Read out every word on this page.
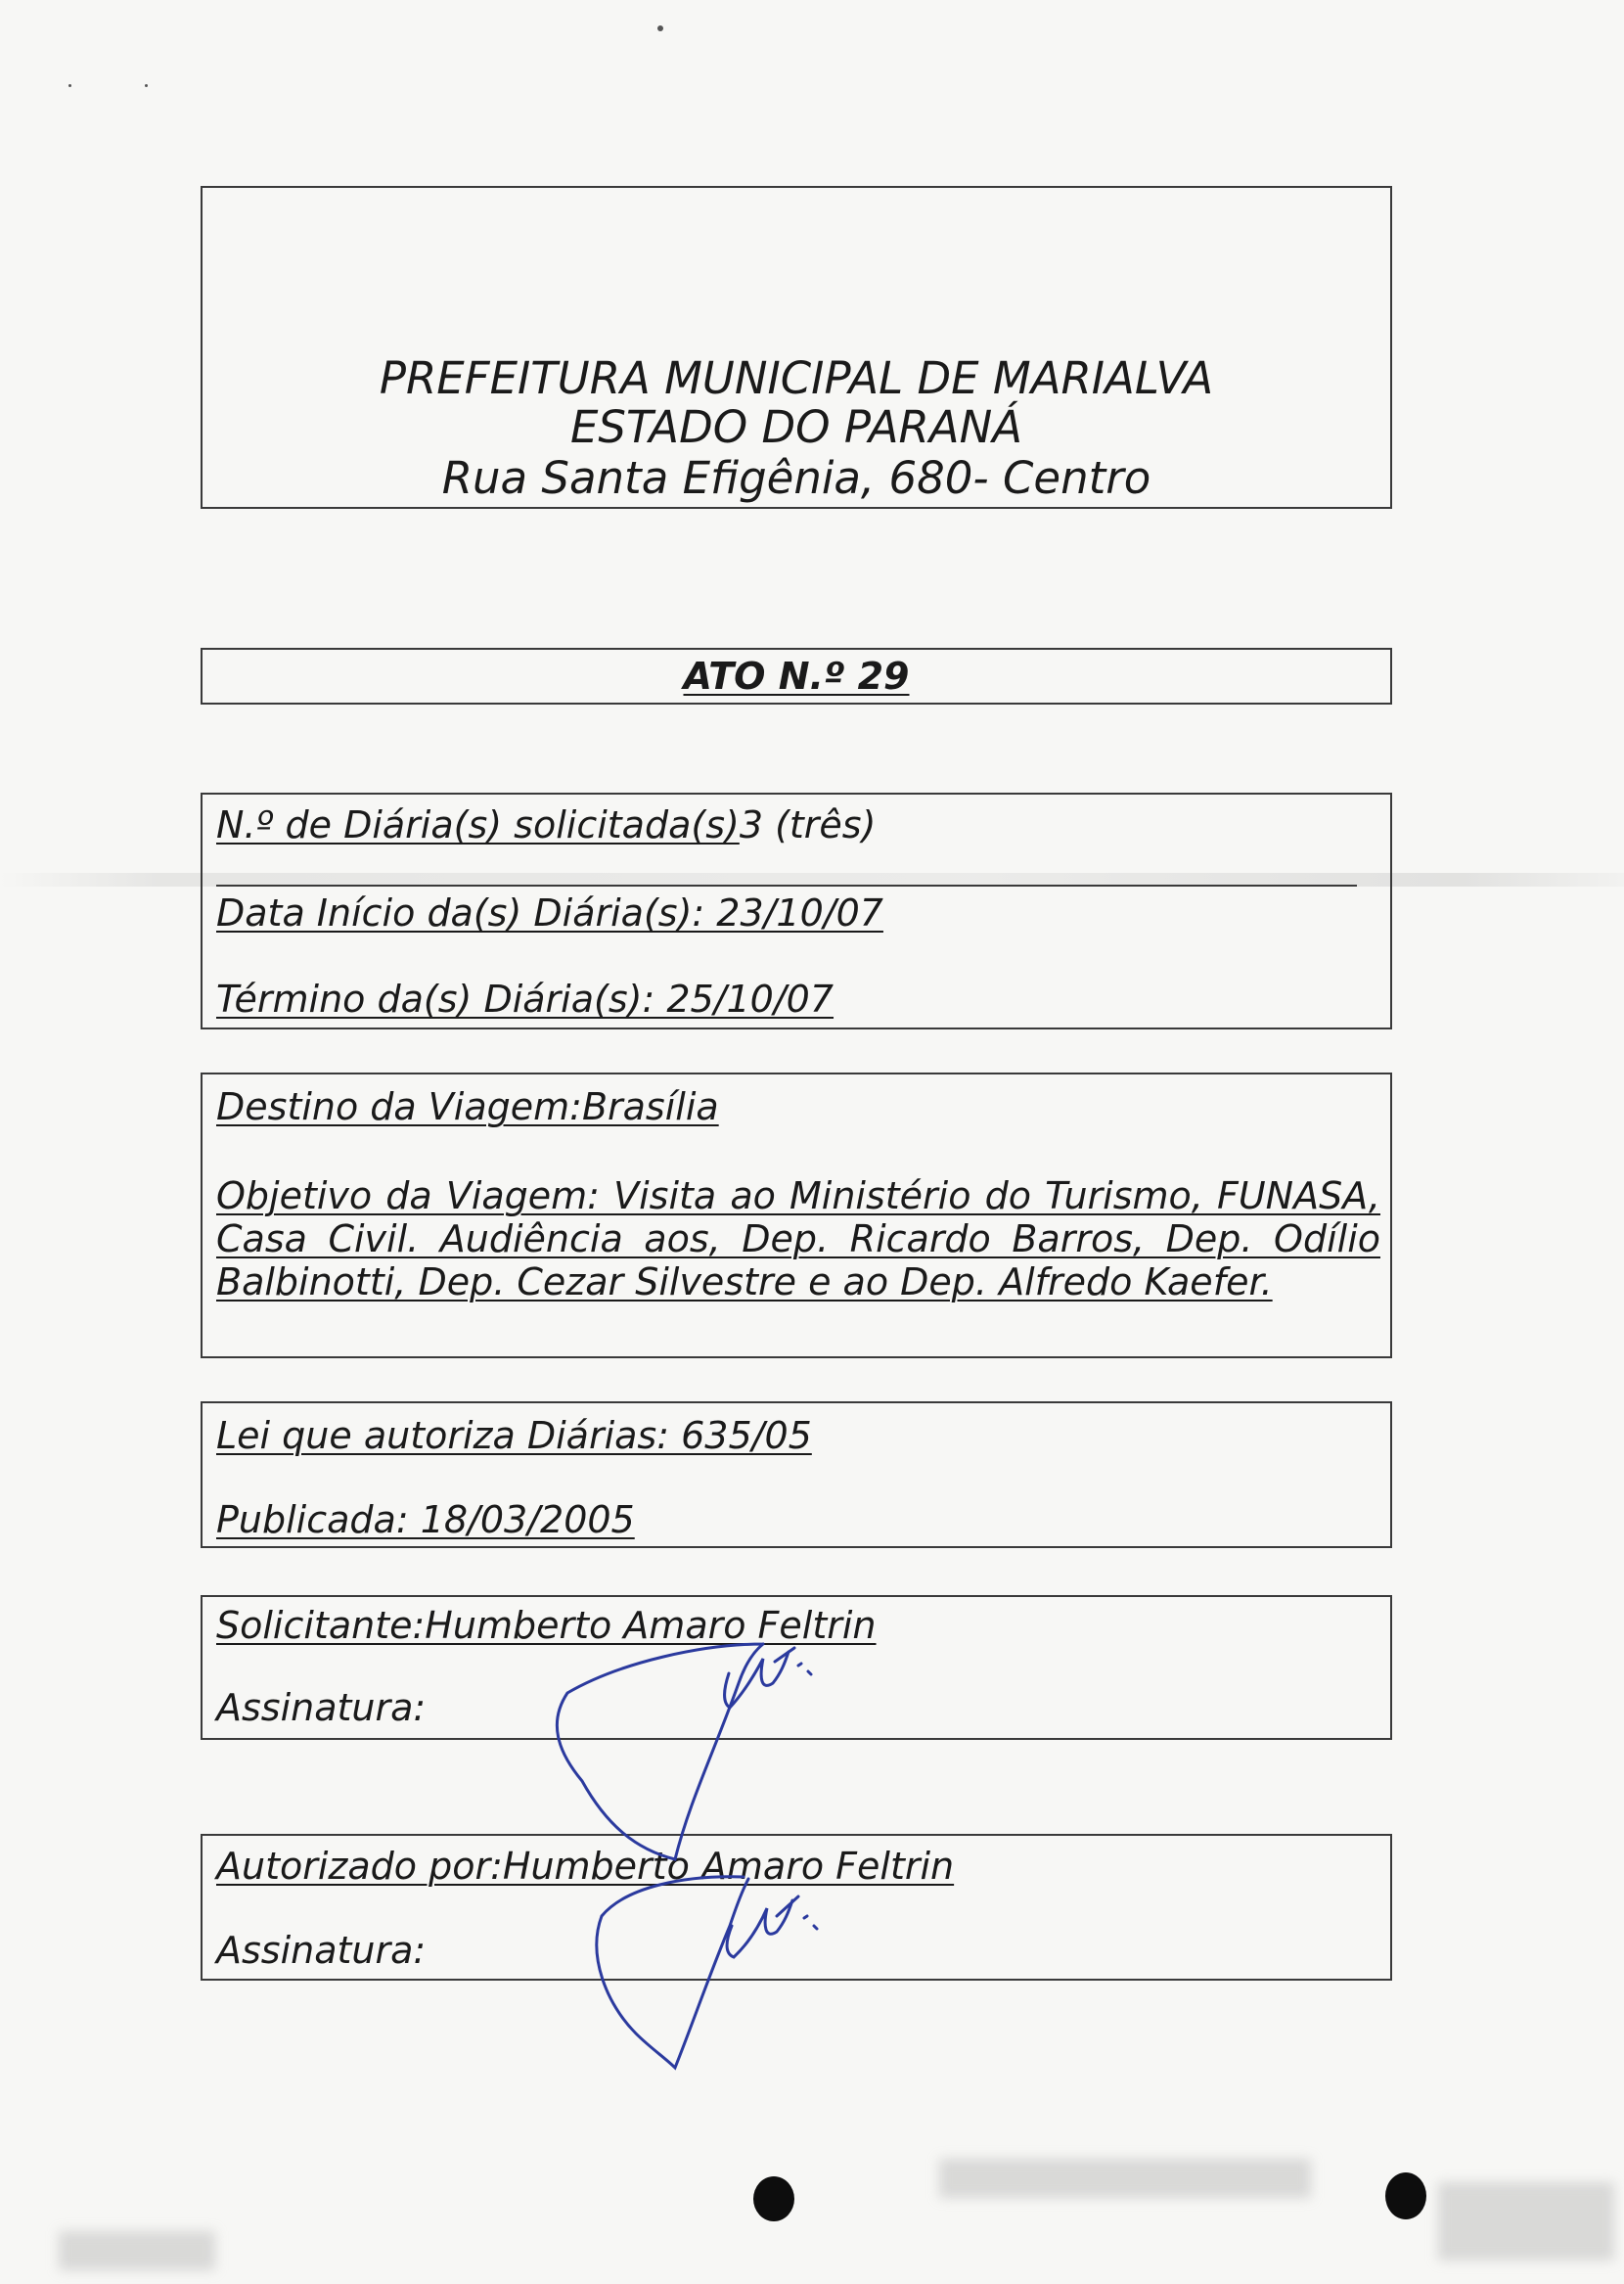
PREFEITURA MUNICIPAL DE MARIALVA
ESTADO DO PARANÁ
Rua Santa Efigênia, 680- Centro
ATO N.º 29
N.º de Diária(s) solicitada(s)3 (três)
Data Início da(s) Diária(s): 23/10/07
Término da(s) Diária(s): 25/10/07
Destino da Viagem:Brasília
Objetivo da Viagem: Visita ao Ministério do Turismo, FUNASA, Casa Civil. Audiência aos, Dep. Ricardo Barros, Dep. Odílio Balbinotti, Dep. Cezar Silvestre e ao Dep. Alfredo Kaefer.
Lei que autoriza Diárias: 635/05
Publicada: 18/03/2005
Solicitante:Humberto Amaro Feltrin
Assinatura:
Autorizado por:Humberto Amaro Feltrin
Assinatura:
